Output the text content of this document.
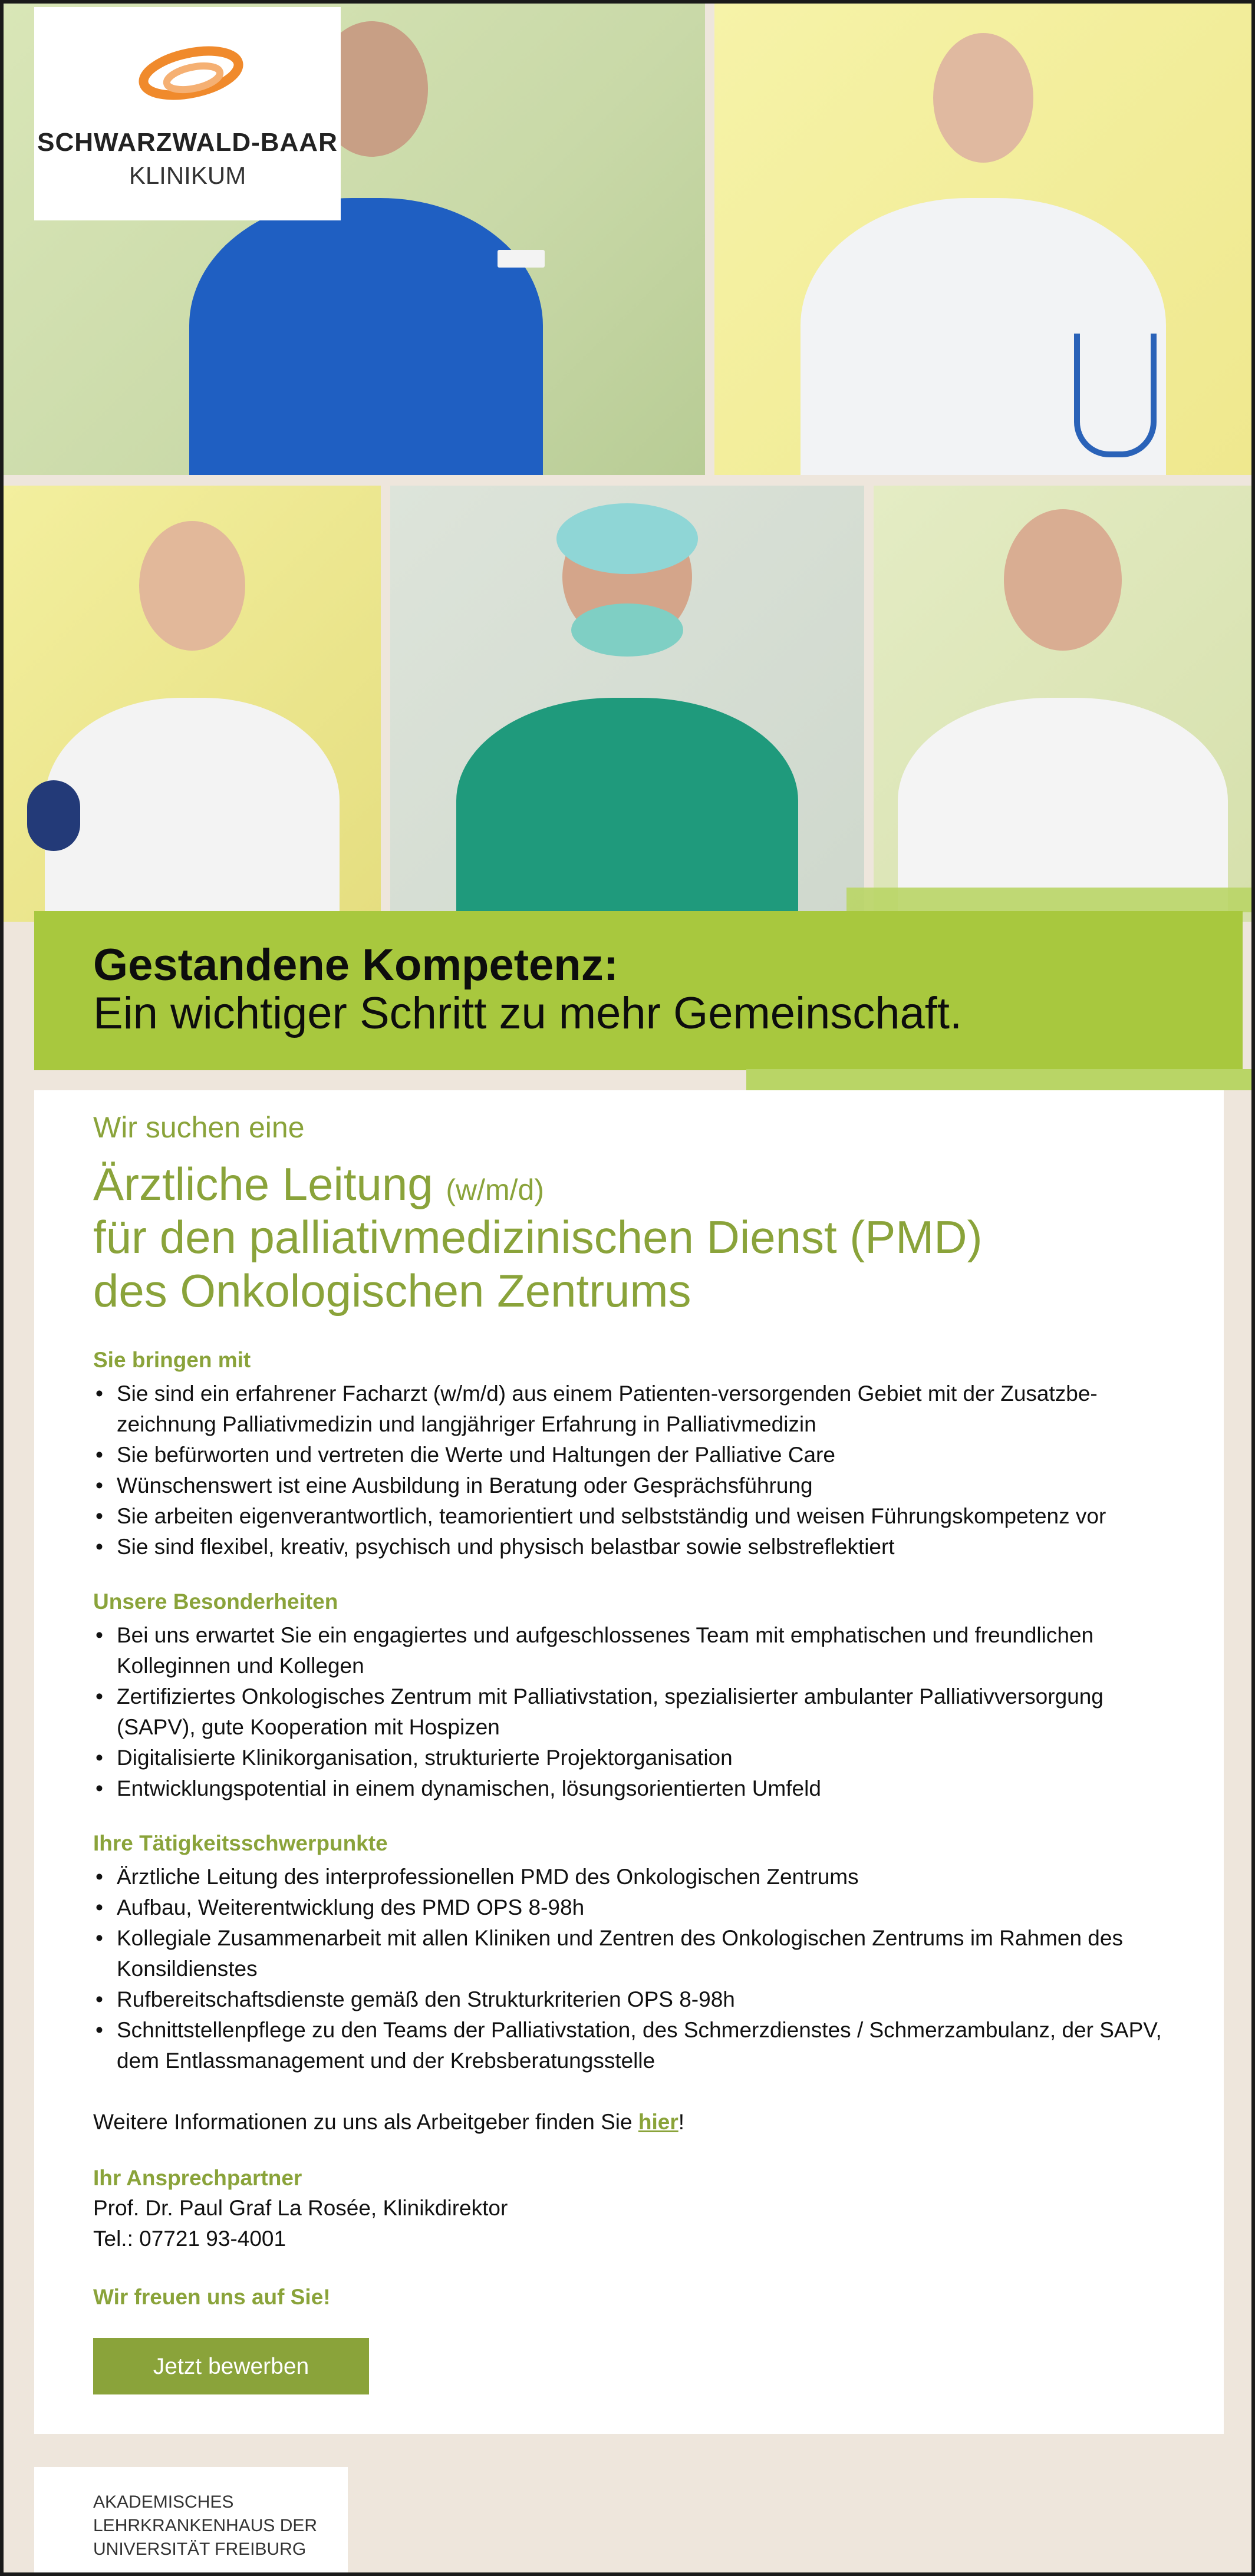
SCHWARZWALD-BAAR
KLINIKUM
Gestandene Kompetenz:
Ein wichtiger Schritt zu mehr Gemeinschaft.
Wir suchen eine
Ärztliche Leitung (w/m/d)
für den palliativmedizinischen Dienst (PMD)
des Onkologischen Zentrums
Sie bringen mit
• Sie sind ein erfahrener Facharzt (w/m/d) aus einem Patienten-versorgenden Gebiet mit der Zusatzbe-zeichnung Palliativmedizin und langjähriger Erfahrung in Palliativmedizin
• Sie befürworten und vertreten die Werte und Haltungen der Palliative Care
• Wünschenswert ist eine Ausbildung in Beratung oder Gesprächsführung
• Sie arbeiten eigenverantwortlich, teamorientiert und selbstständig und weisen Führungskompetenz vor
• Sie sind flexibel, kreativ, psychisch und physisch belastbar sowie selbstreflektiert
Unsere Besonderheiten
• Bei uns erwartet Sie ein engagiertes und aufgeschlossenes Team mit emphatischen und freundlichen Kolleginnen und Kollegen
• Zertifiziertes Onkologisches Zentrum mit Palliativstation, spezialisierter ambulanter Palliativversorgung (SAPV), gute Kooperation mit Hospizen
• Digitalisierte Klinikorganisation, strukturierte Projektorganisation
• Entwicklungspotential in einem dynamischen, lösungsorientierten Umfeld
Ihre Tätigkeitsschwerpunkte
• Ärztliche Leitung des interprofessionellen PMD des Onkologischen Zentrums
• Aufbau, Weiterentwicklung des PMD OPS 8-98h
• Kollegiale Zusammenarbeit mit allen Kliniken und Zentren des Onkologischen Zentrums im Rahmen des Konsildienstes
• Rufbereitschaftsdienste gemäß den Strukturkriterien OPS 8-98h
• Schnittstellenpflege zu den Teams der Palliativstation, des Schmerzdienstes / Schmerzambulanz, der SAPV, dem Entlassmanagement und der Krebsberatungsstelle

Weitere Informationen zu uns als Arbeitgeber finden Sie hier!

Ihr Ansprechpartner
Prof. Dr. Paul Graf La Rosée, Klinikdirektor
Tel.: 07721 93-4001
Wir freuen uns auf Sie!
Jetzt bewerben
AKADEMISCHES
LEHRKRANKENHAUS DER
UNIVERSITÄT FREIBURG
